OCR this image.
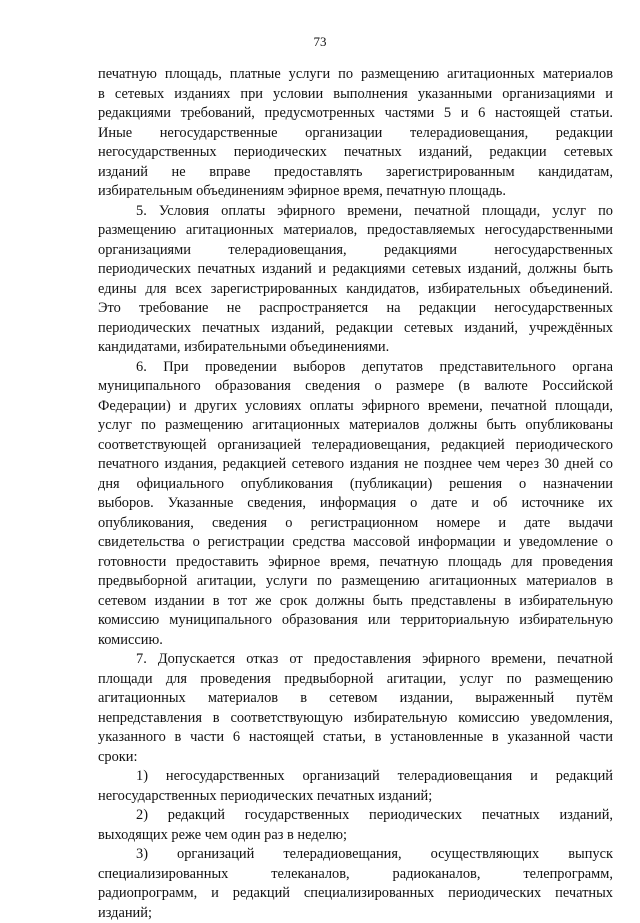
73
печатную площадь, платные услуги по размещению агитационных материалов
в сетевых изданиях при условии выполнения указанными организациями и
редакциями требований, предусмотренных частями 5 и 6 настоящей статьи.
Иные негосударственные организации телерадиовещания, редакции
негосударственных периодических печатных изданий, редакции сетевых
изданий не вправе предоставлять зарегистрированным кандидатам,
избирательным объединениям эфирное время, печатную площадь.
5. Условия оплаты эфирного времени, печатной площади, услуг по
размещению агитационных материалов, предоставляемых негосударственными
организациями телерадиовещания, редакциями негосударственных
периодических печатных изданий и редакциями сетевых изданий, должны быть
едины для всех зарегистрированных кандидатов, избирательных объединений.
Это требование не распространяется на редакции негосударственных
периодических печатных изданий, редакции сетевых изданий, учреждённых
кандидатами, избирательными объединениями.
6. При проведении выборов депутатов представительного органа
муниципального образования сведения о размере (в валюте Российской
Федерации) и других условиях оплаты эфирного времени, печатной площади,
услуг по размещению агитационных материалов должны быть опубликованы
соответствующей организацией телерадиовещания, редакцией периодического
печатного издания, редакцией сетевого издания не позднее чем через 30 дней со
дня официального опубликования (публикации) решения о назначении
выборов. Указанные сведения, информация о дате и об источнике их
опубликования, сведения о регистрационном номере и дате выдачи
свидетельства о регистрации средства массовой информации и уведомление о
готовности предоставить эфирное время, печатную площадь для проведения
предвыборной агитации, услуги по размещению агитационных материалов в
сетевом издании в тот же срок должны быть представлены в избирательную
комиссию муниципального образования или территориальную избирательную
комиссию.
7. Допускается отказ от предоставления эфирного времени, печатной
площади для проведения предвыборной агитации, услуг по размещению
агитационных материалов в сетевом издании, выраженный путём
непредставления в соответствующую избирательную комиссию уведомления,
указанного в части 6 настоящей статьи, в установленные в указанной части
сроки:
1) негосударственных организаций телерадиовещания и редакций
негосударственных периодических печатных изданий;
2) редакций государственных периодических печатных изданий,
выходящих реже чем один раз в неделю;
3) организаций телерадиовещания, осуществляющих выпуск
специализированных телеканалов, радиоканалов, телепрограмм,
радиопрограмм, и редакций специализированных периодических печатных
изданий;
